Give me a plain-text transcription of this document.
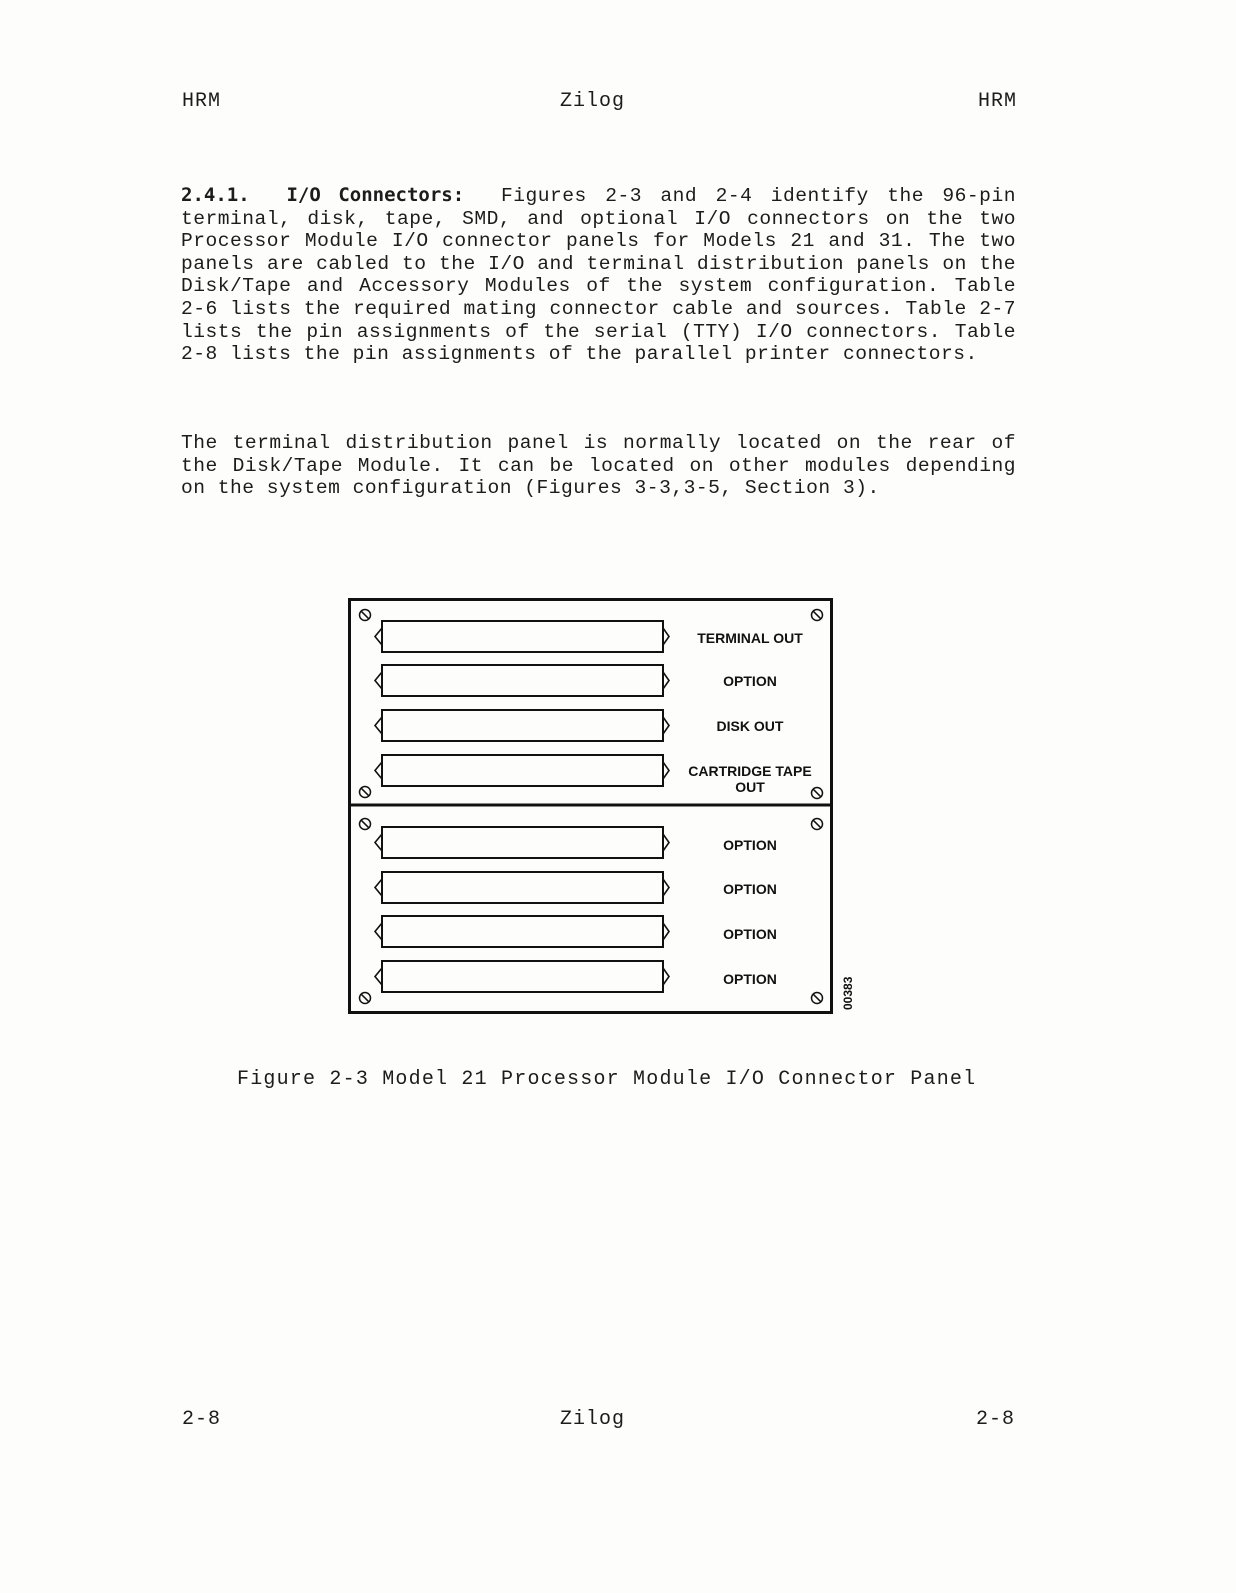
HRM	Zilog	HRM
2.4.1. I/O Connectors: Figures 2-3 and 2-4 identify the 96-pin terminal, disk, tape, SMD, and optional I/O connectors on the two Processor Module I/O connector panels for Models 21 and 31. The two panels are cabled to the I/O and terminal distribution panels on the Disk/Tape and Accessory Modules of the system configuration. Table 2-6 lists the required mating connector cable and sources. Table 2-7 lists the pin assignments of the serial (TTY) I/O connectors. Table 2-8 lists the pin assignments of the parallel printer connectors.
The terminal distribution panel is normally located on the rear of the Disk/Tape Module. It can be located on other modules depending on the system configuration (Figures 3-3,3-5, Section 3).
TERMINAL OUT
OPTION
DISK OUT
CARTRIDGE TAPE OUT
OPTION
OPTION
OPTION
OPTION	00383
Figure 2-3 Model 21 Processor Module I/O Connector Panel
2-8	Zilog	2-8
